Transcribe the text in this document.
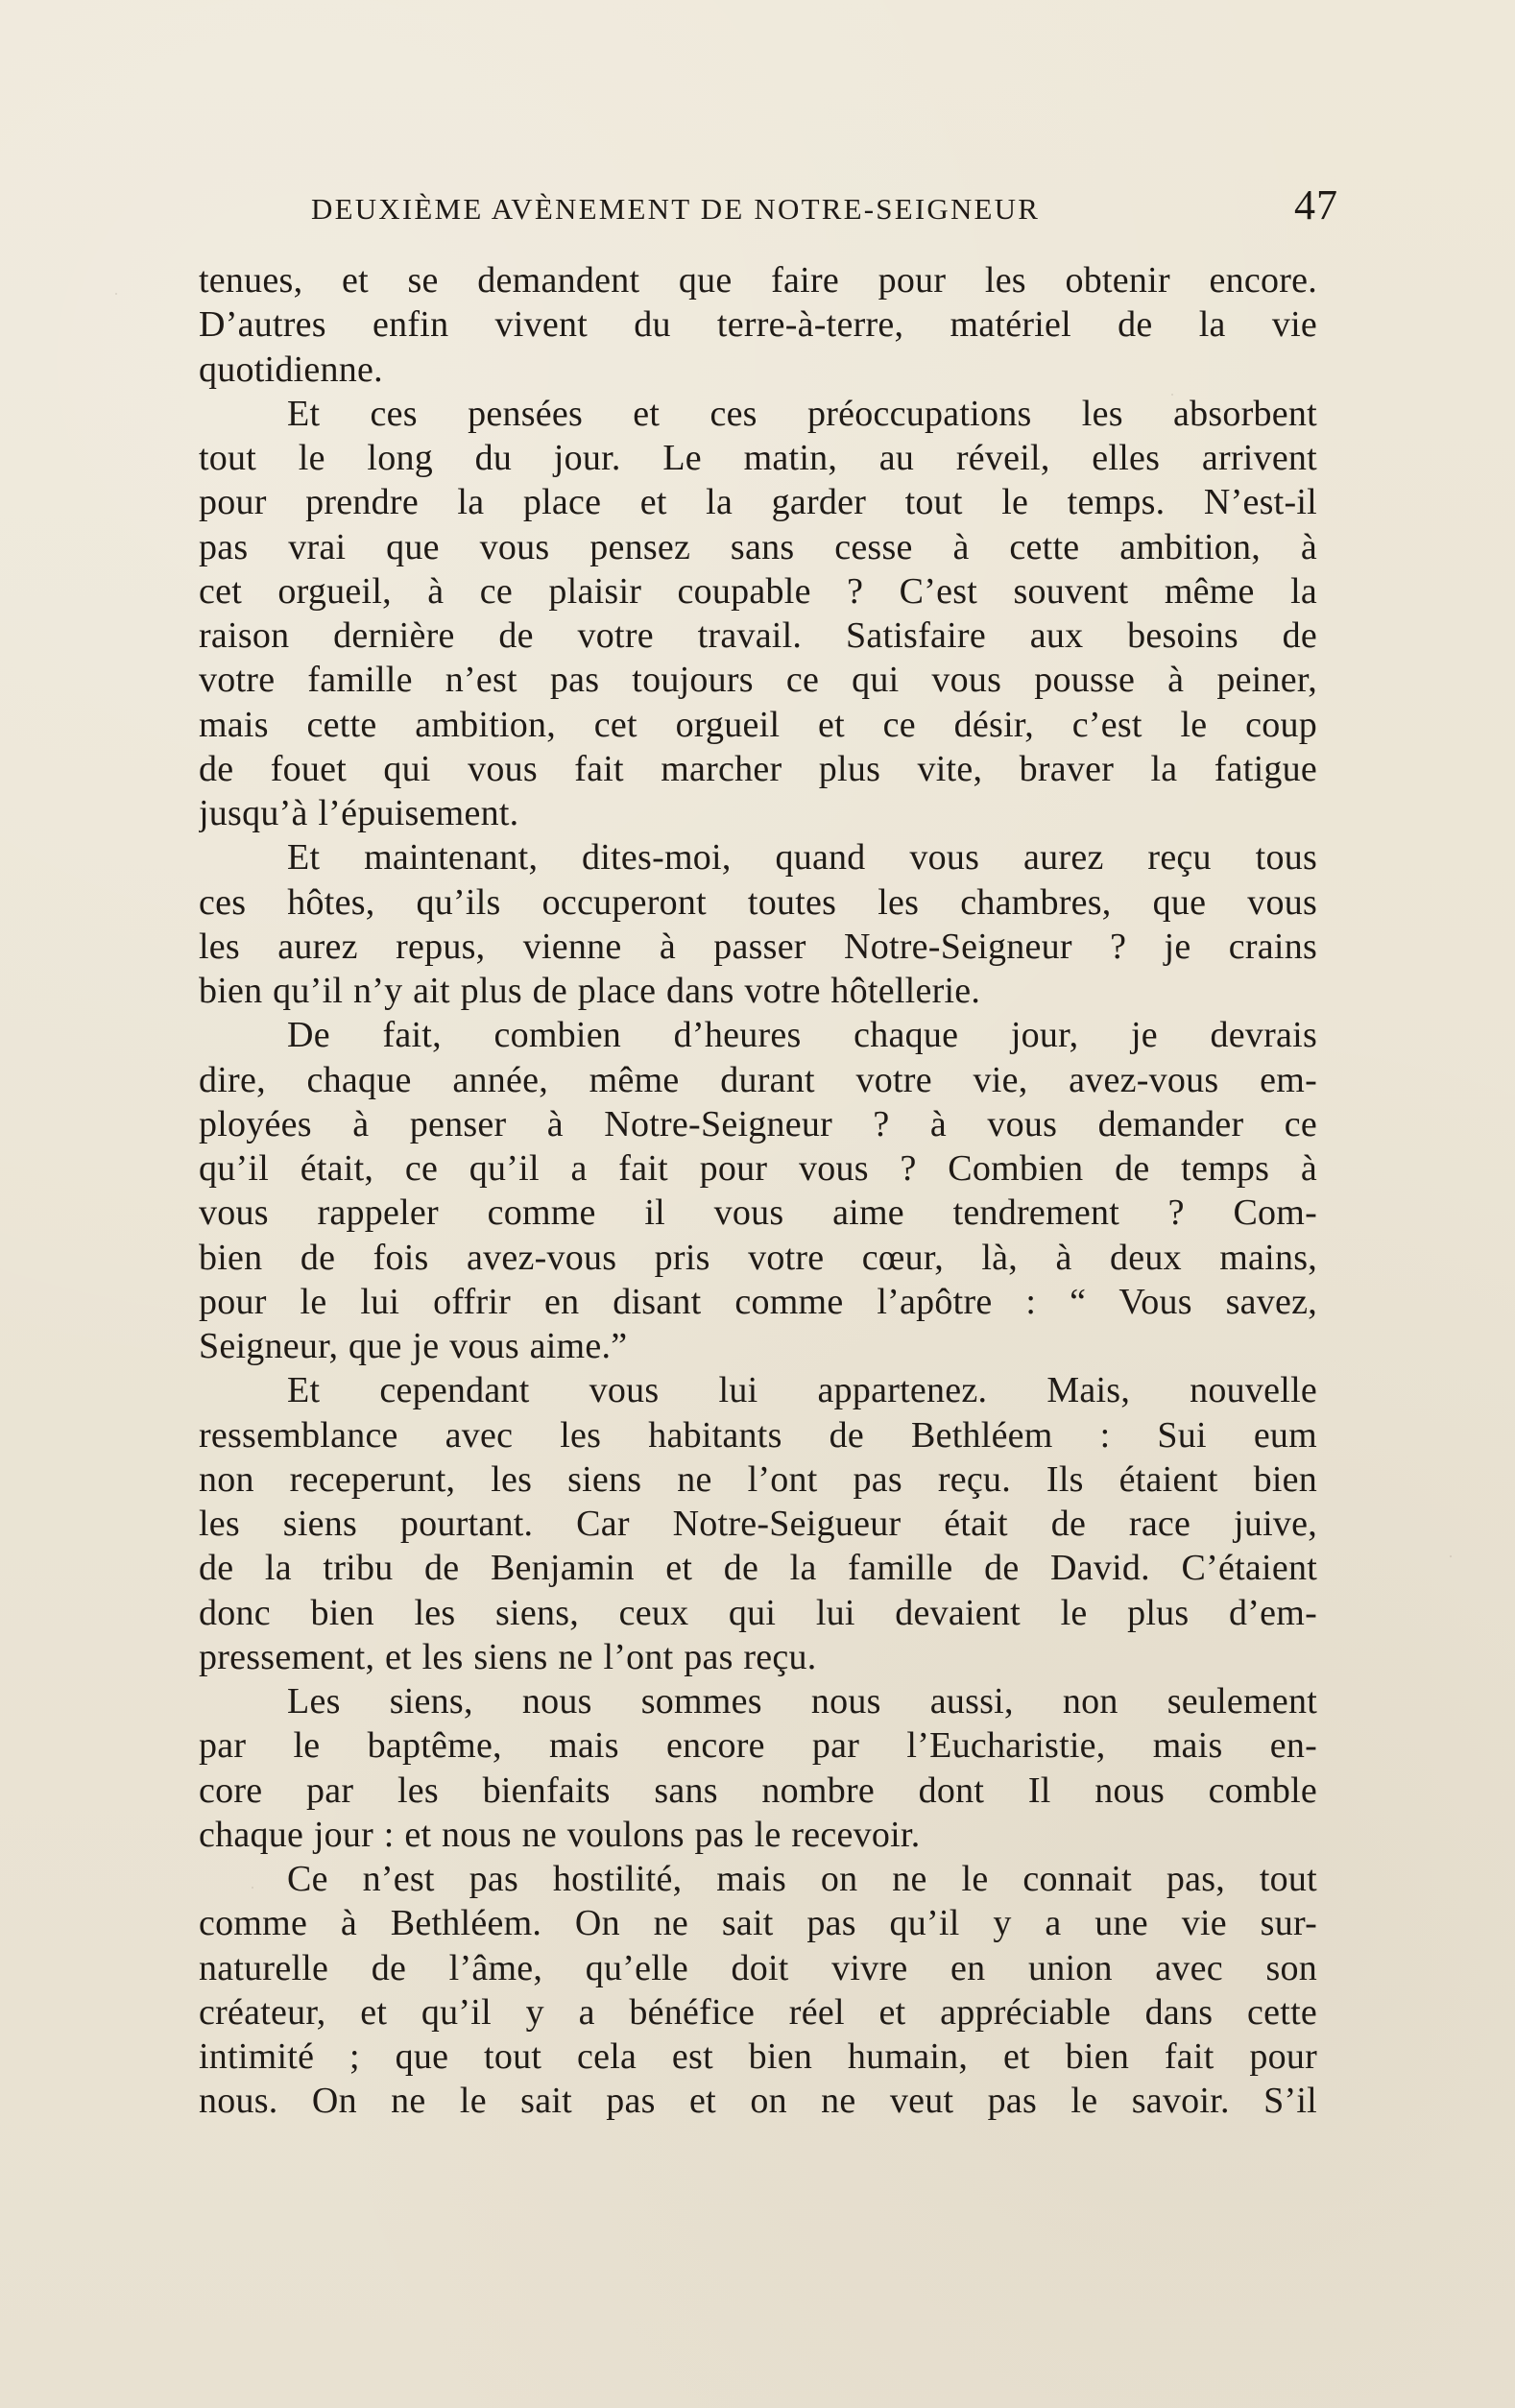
DEUXIÈME AVÈNEMENT DE NOTRE-SEIGNEUR	47
tenues, et se demandent que faire pour les obtenir encore.
D’autres enfin vivent du terre-à-terre, matériel de la vie
quotidienne.
Et ces pensées et ces préoccupations les absorbent
tout le long du jour. Le matin, au réveil, elles arrivent
pour prendre la place et la garder tout le temps. N’est-il
pas vrai que vous pensez sans cesse à cette ambition, à
cet orgueil, à ce plaisir coupable ? C’est souvent même la
raison dernière de votre travail. Satisfaire aux besoins de
votre famille n’est pas toujours ce qui vous pousse à peiner,
mais cette ambition, cet orgueil et ce désir, c’est le coup
de fouet qui vous fait marcher plus vite, braver la fatigue
jusqu’à l’épuisement.
Et maintenant, dites-moi, quand vous aurez reçu tous
ces hôtes, qu’ils occuperont toutes les chambres, que vous
les aurez repus, vienne à passer Notre-Seigneur ? je crains
bien qu’il n’y ait plus de place dans votre hôtellerie.
De fait, combien d’heures chaque jour, je devrais
dire, chaque année, même durant votre vie, avez-vous em-
ployées à penser à Notre-Seigneur ? à vous demander ce
qu’il était, ce qu’il a fait pour vous ? Combien de temps à
vous rappeler comme il vous aime tendrement ? Com-
bien de fois avez-vous pris votre cœur, là, à deux mains,
pour le lui offrir en disant comme l’apôtre : “ Vous savez,
Seigneur, que je vous aime.”
Et cependant vous lui appartenez. Mais, nouvelle
ressemblance avec les habitants de Bethléem : Sui eum
non receperunt, les siens ne l’ont pas reçu. Ils étaient bien
les siens pourtant. Car Notre-Seigueur était de race juive,
de la tribu de Benjamin et de la famille de David. C’étaient
donc bien les siens, ceux qui lui devaient le plus d’em-
pressement, et les siens ne l’ont pas reçu.
Les siens, nous sommes nous aussi, non seulement
par le baptême, mais encore par l’Eucharistie, mais en-
core par les bienfaits sans nombre dont Il nous comble
chaque jour : et nous ne voulons pas le recevoir.
Ce n’est pas hostilité, mais on ne le connait pas, tout
comme à Bethléem. On ne sait pas qu’il y a une vie sur-
naturelle de l’âme, qu’elle doit vivre en union avec son
créateur, et qu’il y a bénéfice réel et appréciable dans cette
intimité ; que tout cela est bien humain, et bien fait pour
nous. On ne le sait pas et on ne veut pas le savoir. S’il
